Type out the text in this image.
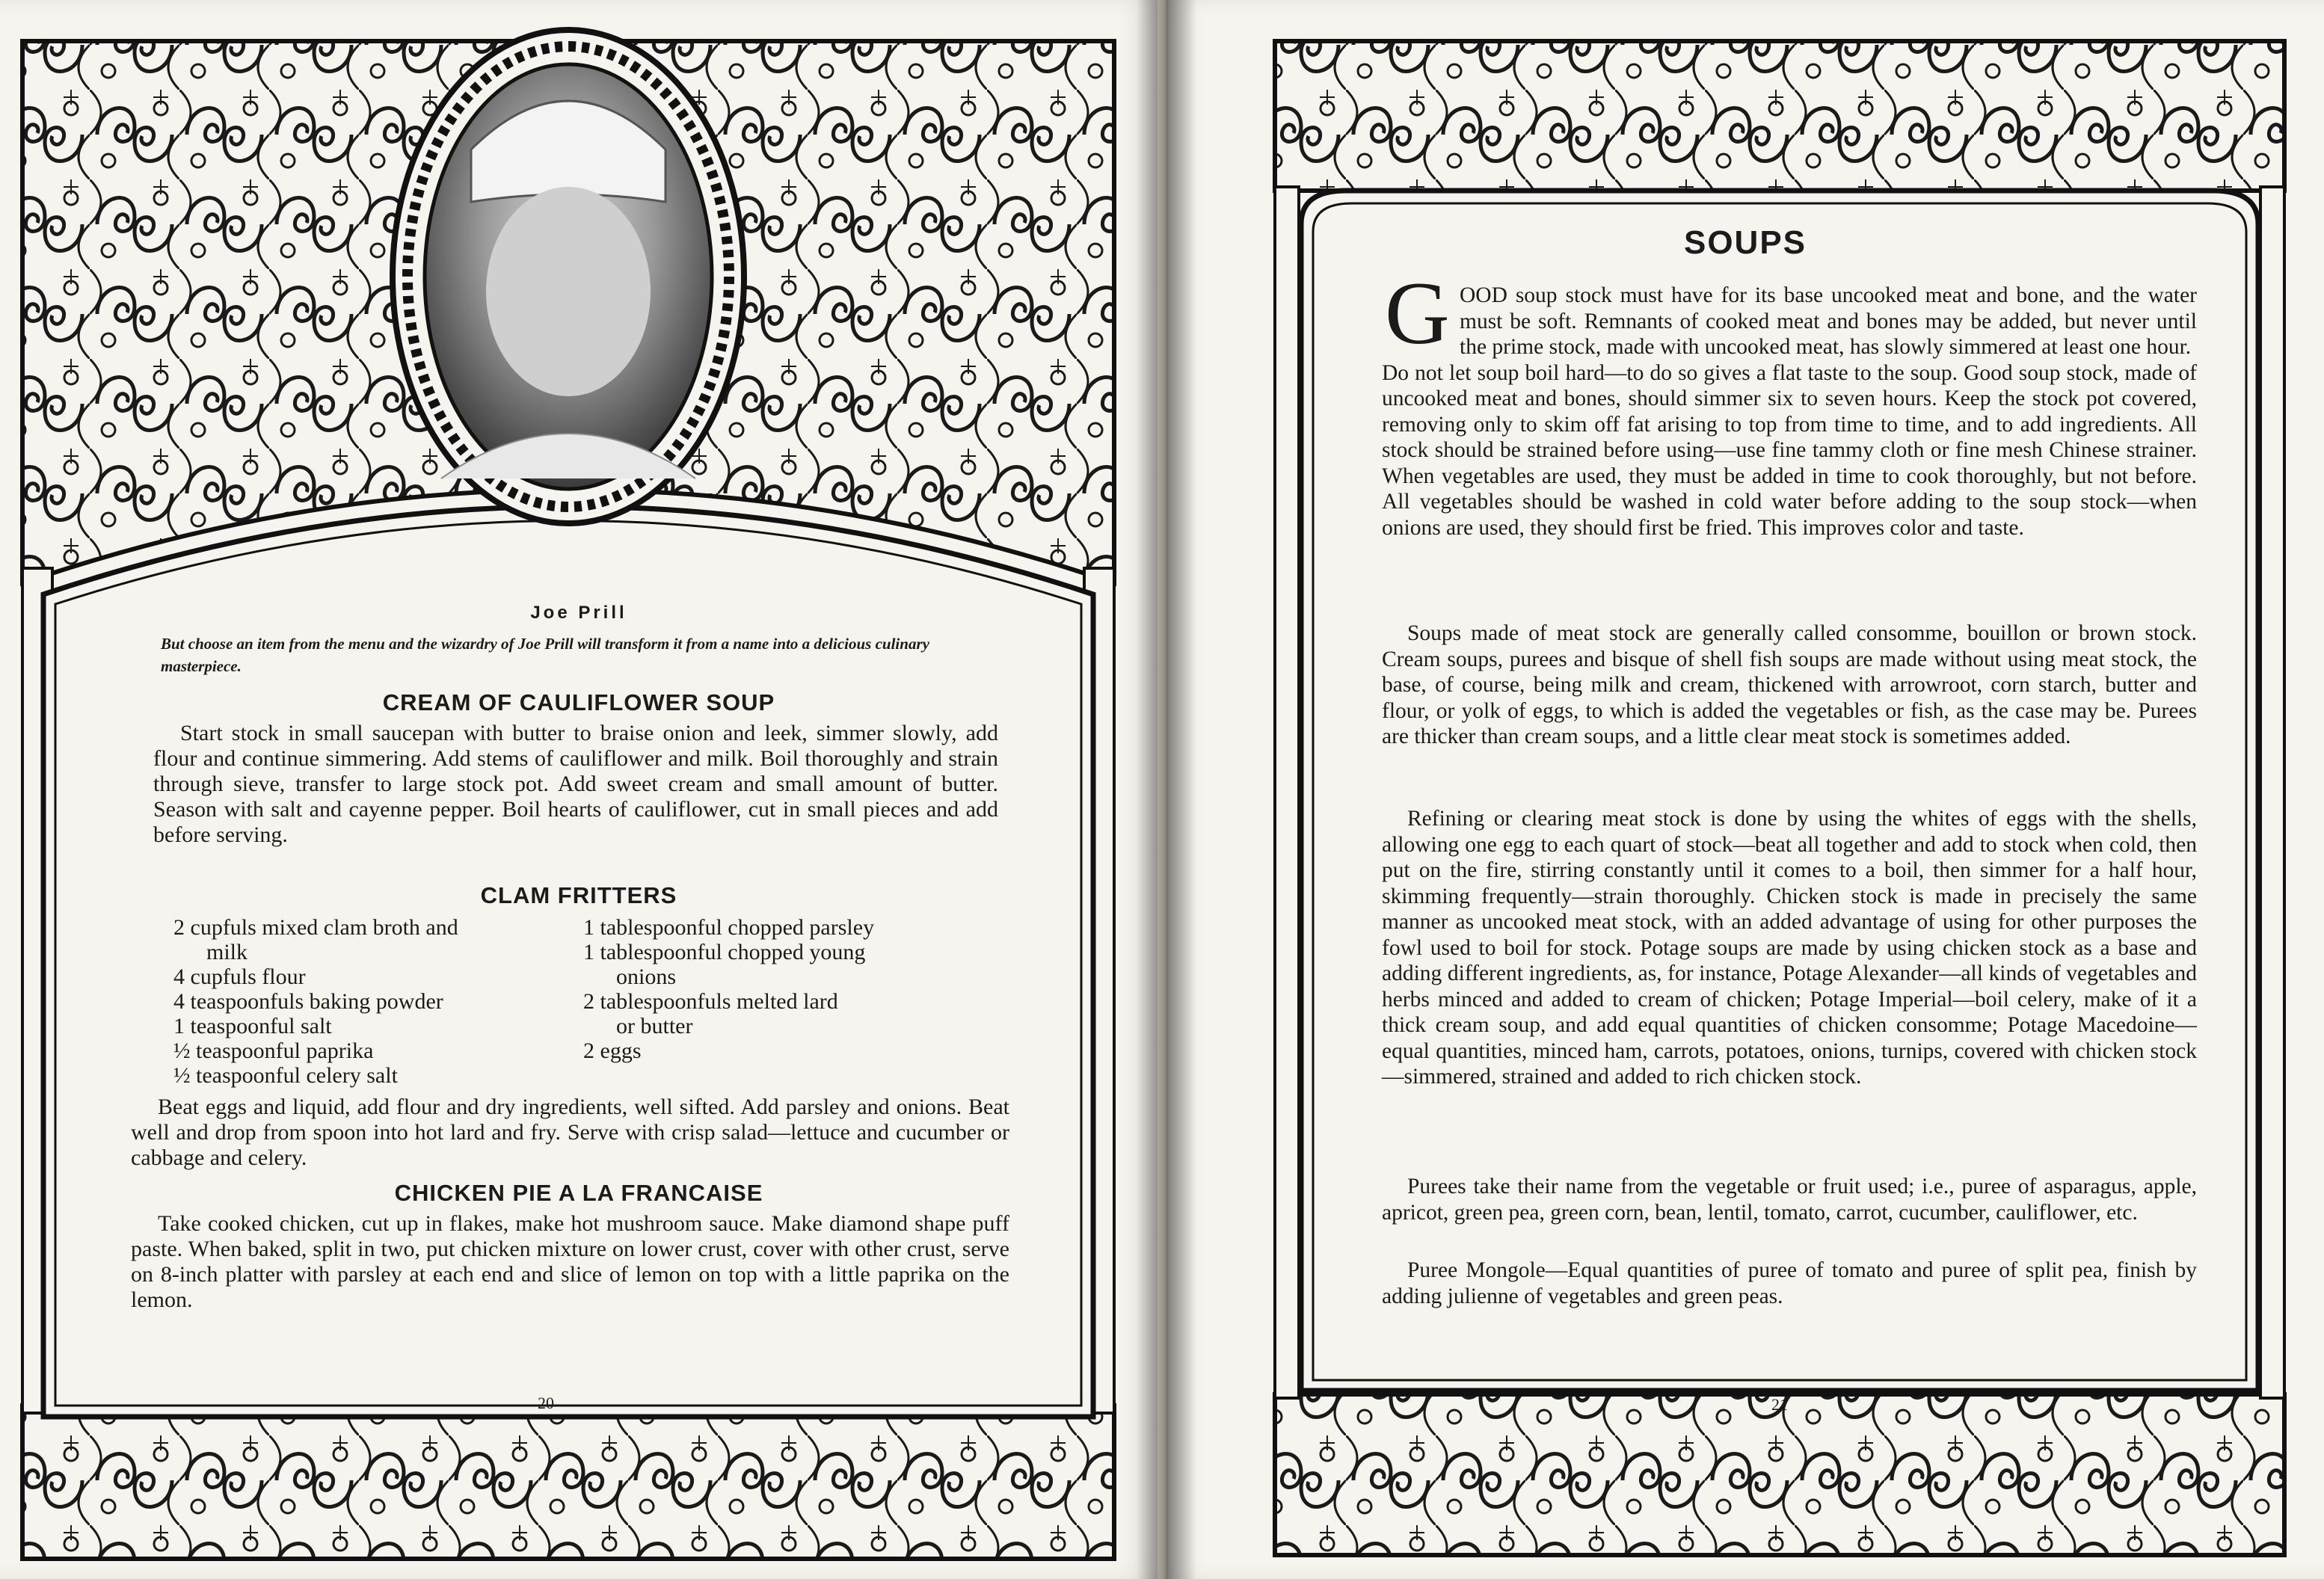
Joe Prill
But choose an item from the menu and the wizardry of Joe Prill will transform it from a name into a delicious culinary masterpiece.
CREAM OF CAULIFLOWER SOUP

Start stock in small saucepan with butter to braise onion and leek, simmer slowly, add flour and continue simmering. Add stems of cauliflower and milk. Boil thoroughly and strain through sieve, transfer to large stock pot. Add sweet cream and small amount of butter. Season with salt and cayenne pepper. Boil hearts of cauliflower, cut in small pieces and add before serving.

CLAM FRITTERS
2 cupfuls mixed clam broth and
milk
4 cupfuls flour
4 teaspoonfuls baking powder
1 teaspoonful salt
½ teaspoonful paprika
½ teaspoonful celery salt
1 tablespoonful chopped parsley
1 tablespoonful chopped young
onions
2 tablespoonfuls melted lard
or butter
2 eggs

Beat eggs and liquid, add flour and dry ingredients, well sifted. Add parsley and onions. Beat well and drop from spoon into hot lard and fry. Serve with crisp salad—lettuce and cucumber or cabbage and celery.

CHICKEN PIE A LA FRANCAISE

Take cooked chicken, cut up in flakes, make hot mushroom sauce. Make diamond shape puff paste. When baked, split in two, put chicken mixture on lower crust, cover with other crust, serve on 8-inch platter with parsley at each end and slice of lemon on top with a little paprika on the lemon.

20
SOUPS
G OOD soup stock must have for its base uncooked meat and bone, and the water must be soft. Remnants of cooked meat and bones may be added, but never until the prime stock, made with uncooked meat, has slowly simmered at least one hour.
Do not let soup boil hard—to do so gives a flat taste to the soup. Good soup stock, made of uncooked meat and bones, should simmer six to seven hours. Keep the stock pot covered, removing only to skim off fat arising to top from time to time, and to add ingredients. All stock should be strained before using—use fine tammy cloth or fine mesh Chinese strainer. When vegetables are used, they must be added in time to cook thoroughly, but not before. All vegetables should be washed in cold water before adding to the soup stock—when onions are used, they should first be fried. This improves color and taste.

Soups made of meat stock are generally called consomme, bouillon or brown stock. Cream soups, purees and bisque of shell fish soups are made without using meat stock, the base, of course, being milk and cream, thickened with arrowroot, corn starch, butter and flour, or yolk of eggs, to which is added the vegetables or fish, as the case may be. Purees are thicker than cream soups, and a little clear meat stock is sometimes added.

Refining or clearing meat stock is done by using the whites of eggs with the shells, allowing one egg to each quart of stock—beat all together and add to stock when cold, then put on the fire, stirring constantly until it comes to a boil, then simmer for a half hour, skimming frequently—strain thoroughly. Chicken stock is made in precisely the same manner as uncooked meat stock, with an added advantage of using for other purposes the fowl used to boil for stock. Potage soups are made by using chicken stock as a base and adding different ingredients, as, for instance, Potage Alexander—all kinds of vegetables and herbs minced and added to cream of chicken; Potage Imperial—boil celery, make of it a thick cream soup, and add equal quantities of chicken consomme; Potage Macedoine—equal quantities, minced ham, carrots, potatoes, onions, turnips, covered with chicken stock—simmered, strained and added to rich chicken stock.

Purees take their name from the vegetable or fruit used; i.e., puree of asparagus, apple, apricot, green pea, green corn, bean, lentil, tomato, carrot, cucumber, cauliflower, etc.

Puree Mongole—Equal quantities of puree of tomato and puree of split pea, finish by adding julienne of vegetables and green peas.

21
